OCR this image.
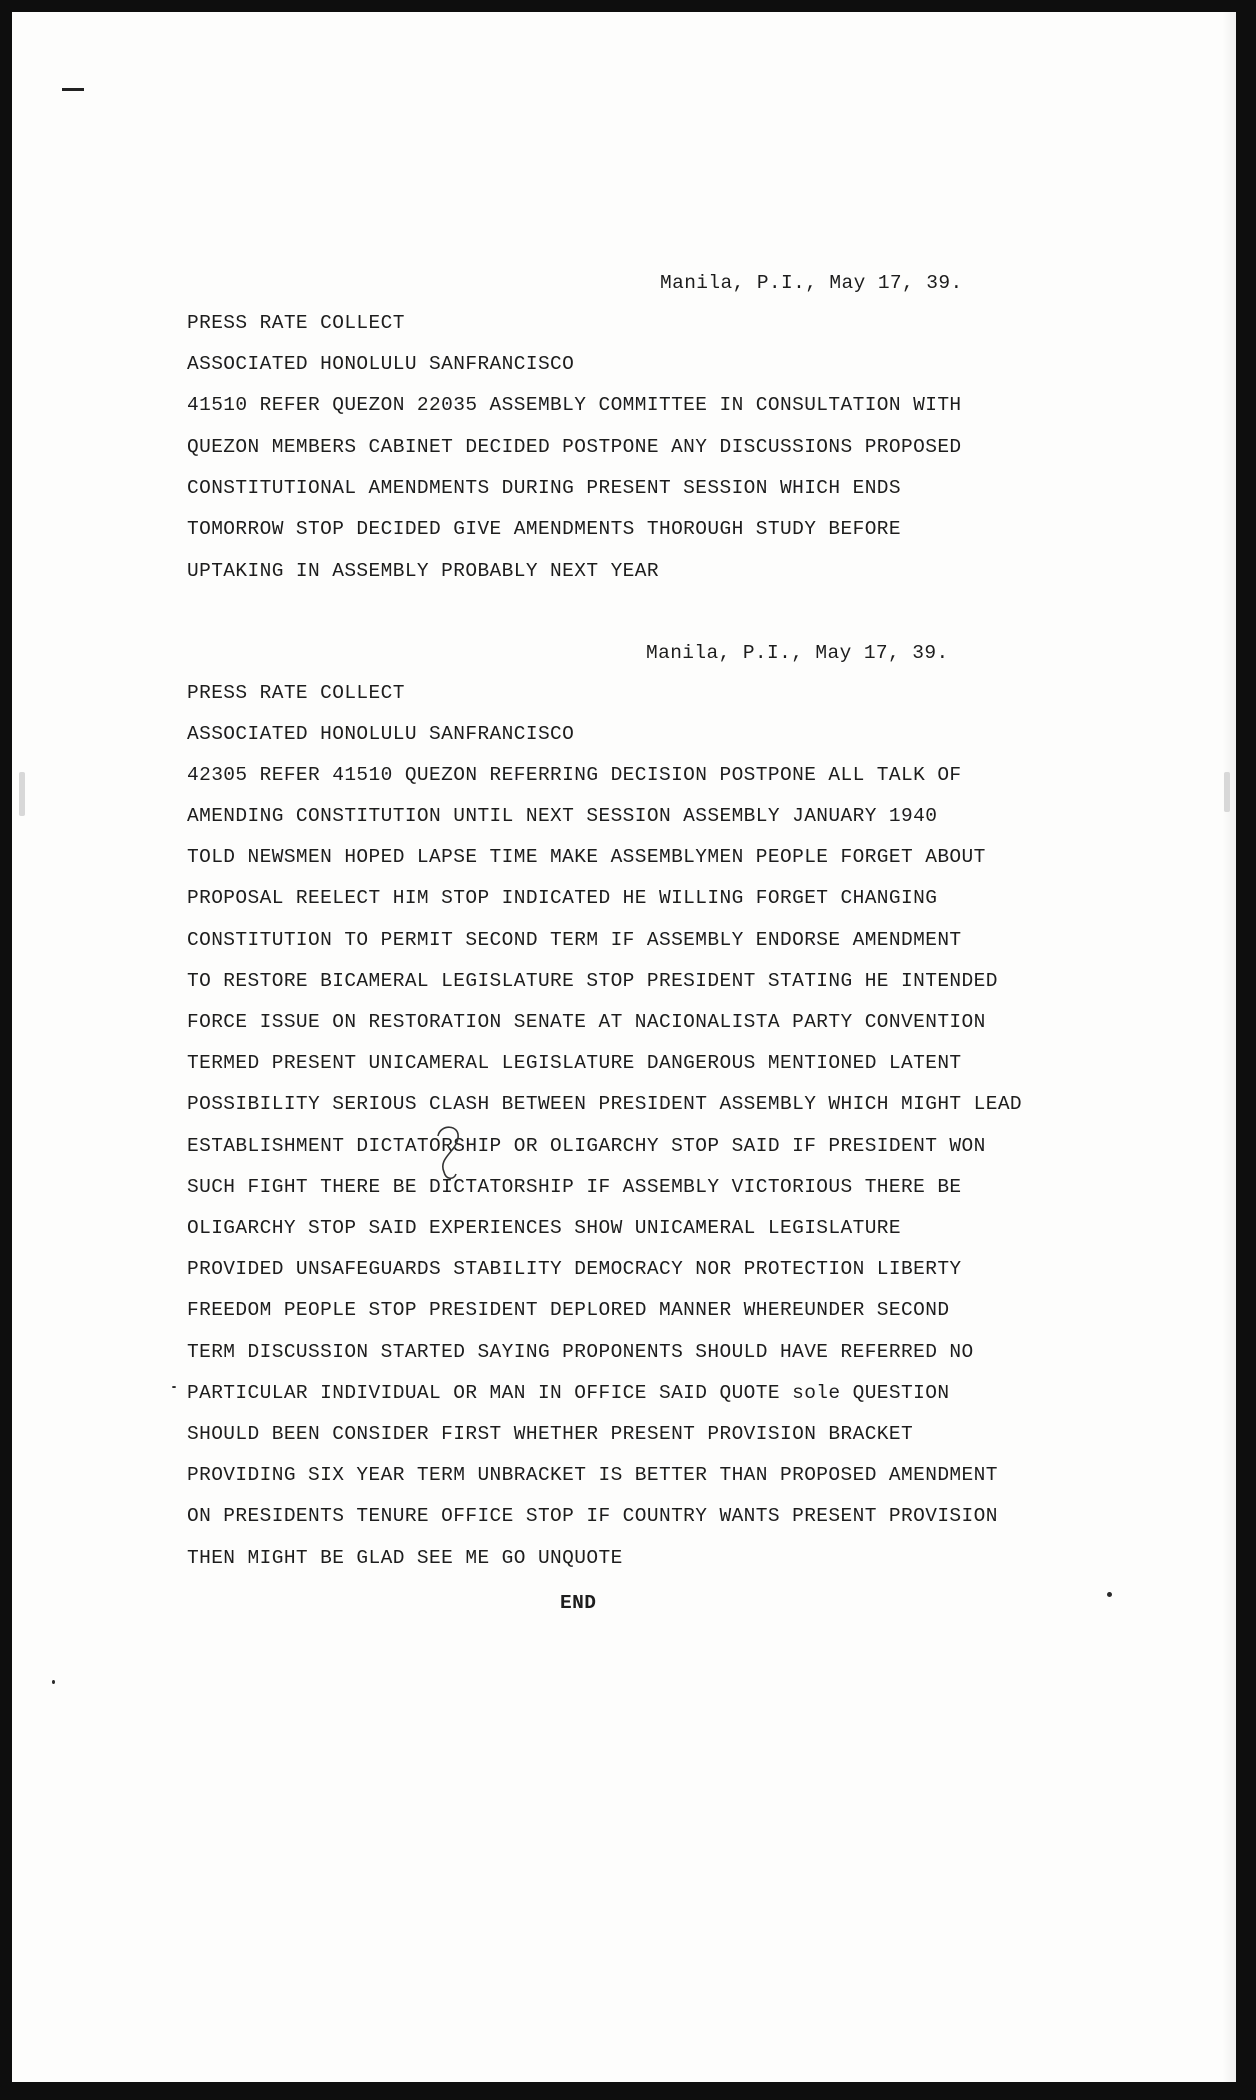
Manila, P.I., May 17, 39.
PRESS RATE COLLECT
ASSOCIATED HONOLULU SANFRANCISCO
41510 REFER QUEZON 22035 ASSEMBLY COMMITTEE IN CONSULTATION WITH
QUEZON MEMBERS CABINET DECIDED POSTPONE ANY DISCUSSIONS PROPOSED
CONSTITUTIONAL AMENDMENTS DURING PRESENT SESSION WHICH ENDS
TOMORROW STOP DECIDED GIVE AMENDMENTS THOROUGH STUDY BEFORE
UPTAKING IN ASSEMBLY PROBABLY NEXT YEAR
Manila, P.I., May 17, 39.
PRESS RATE COLLECT
ASSOCIATED HONOLULU SANFRANCISCO
42305 REFER 41510 QUEZON REFERRING DECISION POSTPONE ALL TALK OF
AMENDING CONSTITUTION UNTIL NEXT SESSION ASSEMBLY JANUARY 1940
TOLD NEWSMEN HOPED LAPSE TIME MAKE ASSEMBLYMEN PEOPLE FORGET ABOUT
PROPOSAL REELECT HIM STOP INDICATED HE WILLING FORGET CHANGING
CONSTITUTION TO PERMIT SECOND TERM IF ASSEMBLY ENDORSE AMENDMENT
TO RESTORE BICAMERAL LEGISLATURE STOP PRESIDENT STATING HE INTENDED
FORCE ISSUE ON RESTORATION SENATE AT NACIONALISTA PARTY CONVENTION
TERMED PRESENT UNICAMERAL LEGISLATURE DANGEROUS MENTIONED LATENT
POSSIBILITY SERIOUS CLASH BETWEEN PRESIDENT ASSEMBLY WHICH MIGHT LEAD
ESTABLISHMENT DICTATORSHIP OR OLIGARCHY STOP SAID IF PRESIDENT WON
SUCH FIGHT THERE BE DICTATORSHIP IF ASSEMBLY VICTORIOUS THERE BE
OLIGARCHY STOP SAID EXPERIENCES SHOW UNICAMERAL LEGISLATURE
PROVIDED UNSAFEGUARDS STABILITY DEMOCRACY NOR PROTECTION LIBERTY
FREEDOM PEOPLE STOP PRESIDENT DEPLORED MANNER WHEREUNDER SECOND
TERM DISCUSSION STARTED SAYING PROPONENTS SHOULD HAVE REFERRED NO
PARTICULAR INDIVIDUAL OR MAN IN OFFICE SAID QUOTE sole QUESTION
SHOULD BEEN CONSIDER FIRST WHETHER PRESENT PROVISION BRACKET
PROVIDING SIX YEAR TERM UNBRACKET IS BETTER THAN PROPOSED AMENDMENT
ON PRESIDENTS TENURE OFFICE STOP IF COUNTRY WANTS PRESENT PROVISION
THEN MIGHT BE GLAD SEE ME GO UNQUOTE
END
